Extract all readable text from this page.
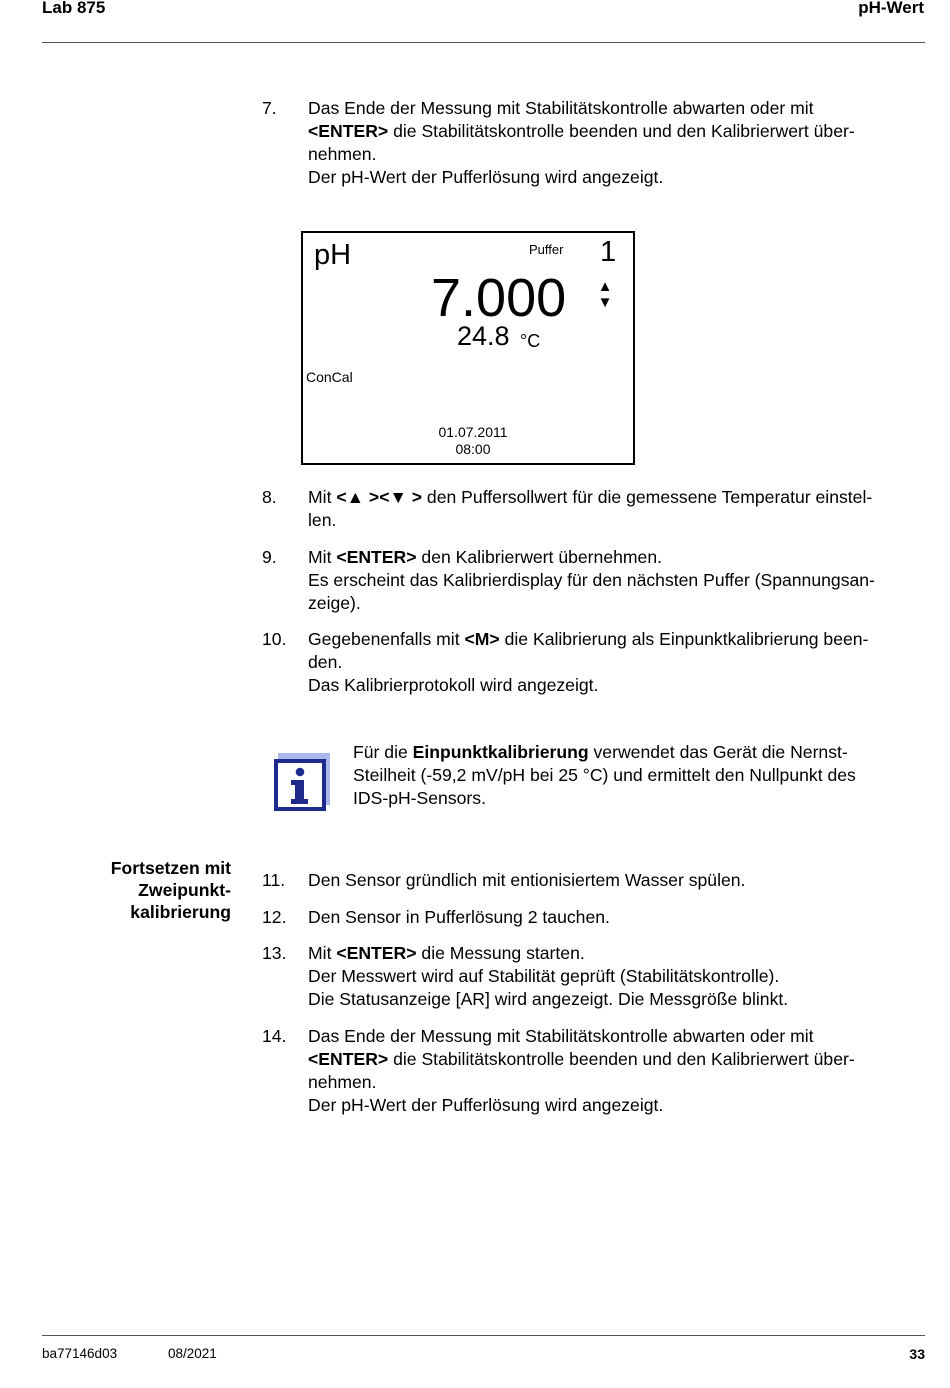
Lab 875	pH-Wert
7. Das Ende der Messung mit Stabilitätskontrolle abwarten oder mit
<ENTER> die Stabilitätskontrolle beenden und den Kalibrierwert über-
nehmen.
Der pH-Wert der Pufferlösung wird angezeigt.
pH	Puffer 1
7.000 ▲
▼
24.8 °C
ConCal
01.07.2011
08:00
8. Mit <▲ ><▼ > den Puffersollwert für die gemessene Temperatur einstel-
len.
9. Mit <ENTER> den Kalibrierwert übernehmen.
Es erscheint das Kalibrierdisplay für den nächsten Puffer (Spannungsan-
zeige).
10. Gegebenenfalls mit <M> die Kalibrierung als Einpunktkalibrierung been-
den.
Das Kalibrierprotokoll wird angezeigt.
Für die Einpunktkalibrierung verwendet das Gerät die Nernst-
Steilheit (-59,2 mV/pH bei 25 °C) und ermittelt den Nullpunkt des
IDS-pH-Sensors.
Fortsetzen mit
Zweipunkt-
kalibrierung
11. Den Sensor gründlich mit entionisiertem Wasser spülen.
12. Den Sensor in Pufferlösung 2 tauchen.
13. Mit <ENTER> die Messung starten.
Der Messwert wird auf Stabilität geprüft (Stabilitätskontrolle).
Die Statusanzeige [AR] wird angezeigt. Die Messgröße blinkt.
14. Das Ende der Messung mit Stabilitätskontrolle abwarten oder mit
<ENTER> die Stabilitätskontrolle beenden und den Kalibrierwert über-
nehmen.
Der pH-Wert der Pufferlösung wird angezeigt.
ba77146d03	08/2021	33
